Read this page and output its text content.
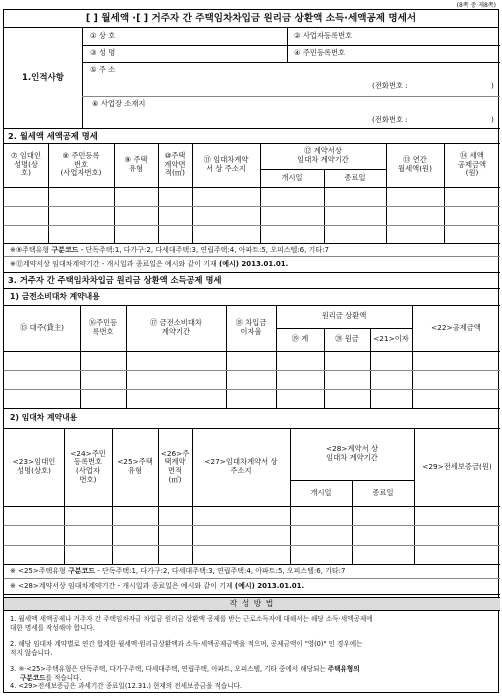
(8쪽 중 제8쪽)
[ ] 월세액 ·[ ] 거주자 간 주택임차차입금 원리금 상환액 소득·세액공제 명세서
1.인적사항
① 상 호	② 사업자등록번호
③ 성 명	④ 주민등록번호
⑤ 주 소
(전화번호 :	)
⑥ 사업장 소재지
(전화번호 :	)
2. 월세액 세액공제 명세
⑦ 임대인
성명(상
호)
⑧ 주민등록
번호
(사업자번호)
⑨ 주택
유형
⑩주택
계약면
적(㎡)
⑪ 임대차계약
서 상 주소지
⑫ 계약서상
임대차 계약기간
개시일	종료일
⑬ 연간
월세액(원)
⑭ 세액
공제금액
(원)
※⑨주택유형 구분코드 - 단독주택:1, 다가구:2, 다세대주택:3, 연립주택:4, 아파트:5, 오피스텔:6, 기타:7
※⑫계약서상 임대차계약기간 - 개시일과 종료일은 예시와 같이 기재 (예시) 2013.01.01.
3. 거주자 간 주택임차차입금 원리금 상환액 소득공제 명세
1) 금전소비대차 계약내용
⑮ 대주(貸主)	⑯주민등
록번호
⑰ 금전소비대차
계약기간
⑱ 차입금
이자율
원리금 상환액
⑲ 계	⑳ 원금	<21>이자
<22>공제금액
2) 임대차 계약내용
<23>임대인
성명(상호)
<24>주민
등록번호
(사업자
번호)
<25>주택
유형
<26>주
택계약
면적
(㎡)
<27>임대차계약서 상
주소지
<28>계약서 상
임대차 계약기간
개시일	종료일
<29>전세보증금(원)
※ <25>주택유형 구분코드 - 단독주택:1, 다가구:2, 다세대주택:3, 연립주택:4, 아파트:5, 오피스텔:6, 기타:7
※ <28>계약서상 임대차계약기간 - 개시일과 종료일은 예시와 같이 기재 (예시) 2013.01.01.
작 성 방 법
1. 월세액 세액공제나 거주자 간 주택임차자금 차입금 원리금 상환액 공제를 받는 근로소득자에 대해서는 해당 소득·세액공제에
대한 명세를 작성해야 합니다.
2. 해당 임대차 계약별로 연간 합계한 월세액·원리금상환액과 소득·세액공제금액을 적으며, 공제금액이 "영(0)" 인 경우에는
적지 않습니다.
3. ⑨·<25>주택유형은 단독주택, 다가구주택, 다세대주택, 연립주택, 아파트, 오피스텔, 기타 중에서 해당되는 주택유형의
구분코드를 적습니다.
4. <29>전세보증금은 과세기간 종료일(12.31.) 현재의 전세보증금을 적습니다.
